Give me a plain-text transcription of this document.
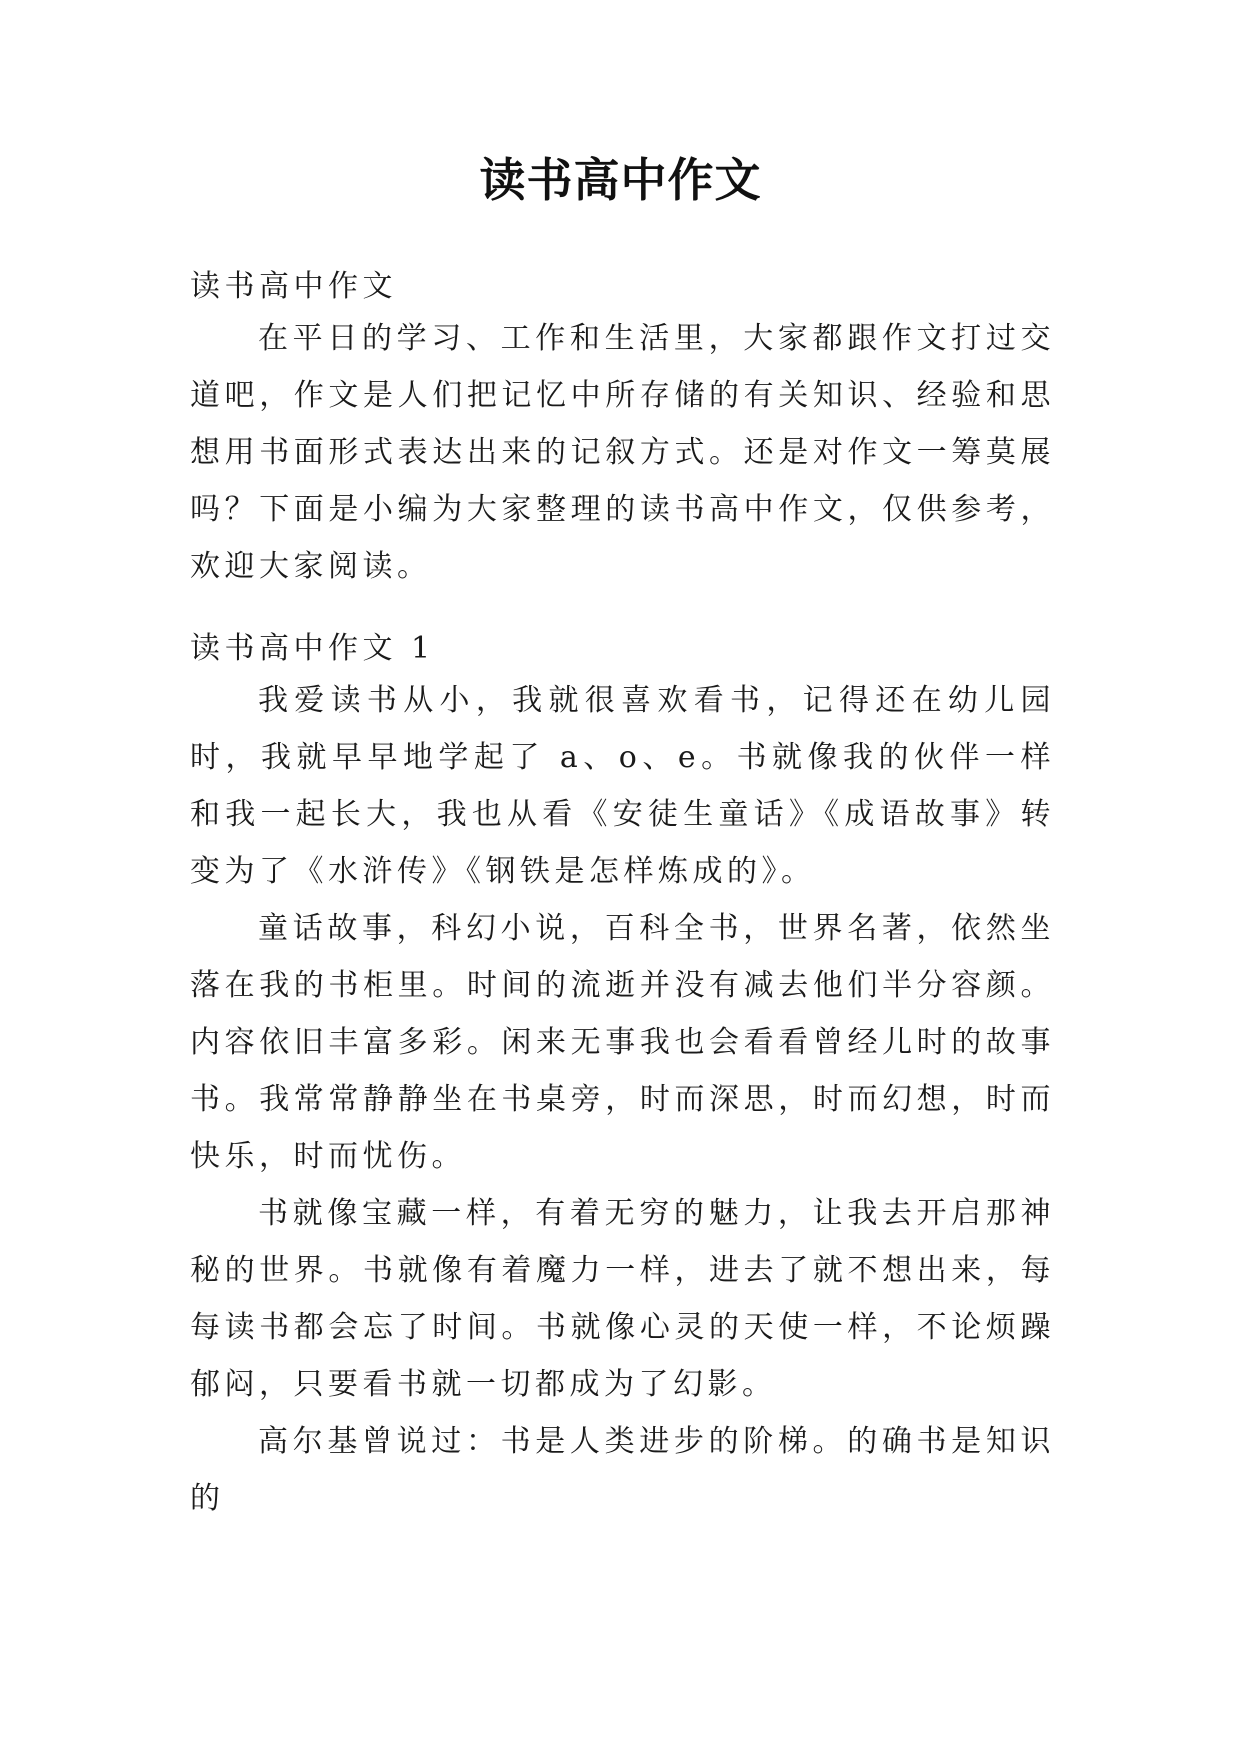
读书高中作文

读书高中作文

在平日的学习、工作和生活里，大家都跟作文打过交道吧，作文是人们把记忆中所存储的有关知识、经验和思想用书面形式表达出来的记叙方式。还是对作文一筹莫展吗？下面是小编为大家整理的读书高中作文，仅供参考，欢迎大家阅读。

读书高中作文 1

我爱读书从小，我就很喜欢看书，记得还在幼儿园时，我就早早地学起了 a、o、e。书就像我的伙伴一样和我一起长大，我也从看《安徒生童话》《成语故事》转变为了《水浒传》《钢铁是怎样炼成的》。

童话故事，科幻小说，百科全书，世界名著，依然坐落在我的书柜里。时间的流逝并没有减去他们半分容颜。内容依旧丰富多彩。闲来无事我也会看看曾经儿时的故事书。我常常静静坐在书桌旁，时而深思，时而幻想，时而快乐，时而忧伤。

书就像宝藏一样，有着无穷的魅力，让我去开启那神秘的世界。书就像有着魔力一样，进去了就不想出来，每每读书都会忘了时间。书就像心灵的天使一样，不论烦躁郁闷，只要看书就一切都成为了幻影。

高尔基曾说过：书是人类进步的阶梯。的确书是知识的
